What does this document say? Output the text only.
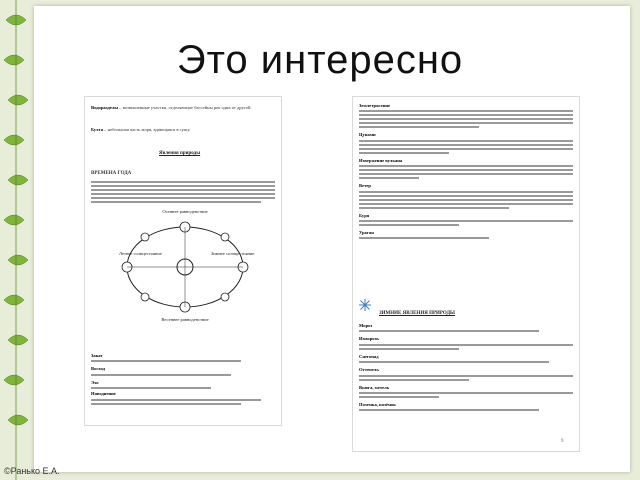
Это интересно
Водоразделы – возвышенные участки, отделяющие бассейны рек одна от другой.
Бухта – небольшая часть моря, вдающаяся в сушу.
Явления природы
ВРЕМЕНА ГОДА
Осеннее равноденствие
Летнее солнцестояние
Весеннее равноденствие
Зимнее солнцестояние
Закат
Восход
Эхо
Наводнение
Землетрясение
Цунами
Извержение вулкана
Ветер
Буря
Ураган
ЗИМНИЕ ЯВЛЕНИЯ ПРИРОДЫ
Мороз
Изморозь
Снегопад
Оттепель
Вьюга, метель
Поземка, позёмок
9
©Ранько Е.А.
